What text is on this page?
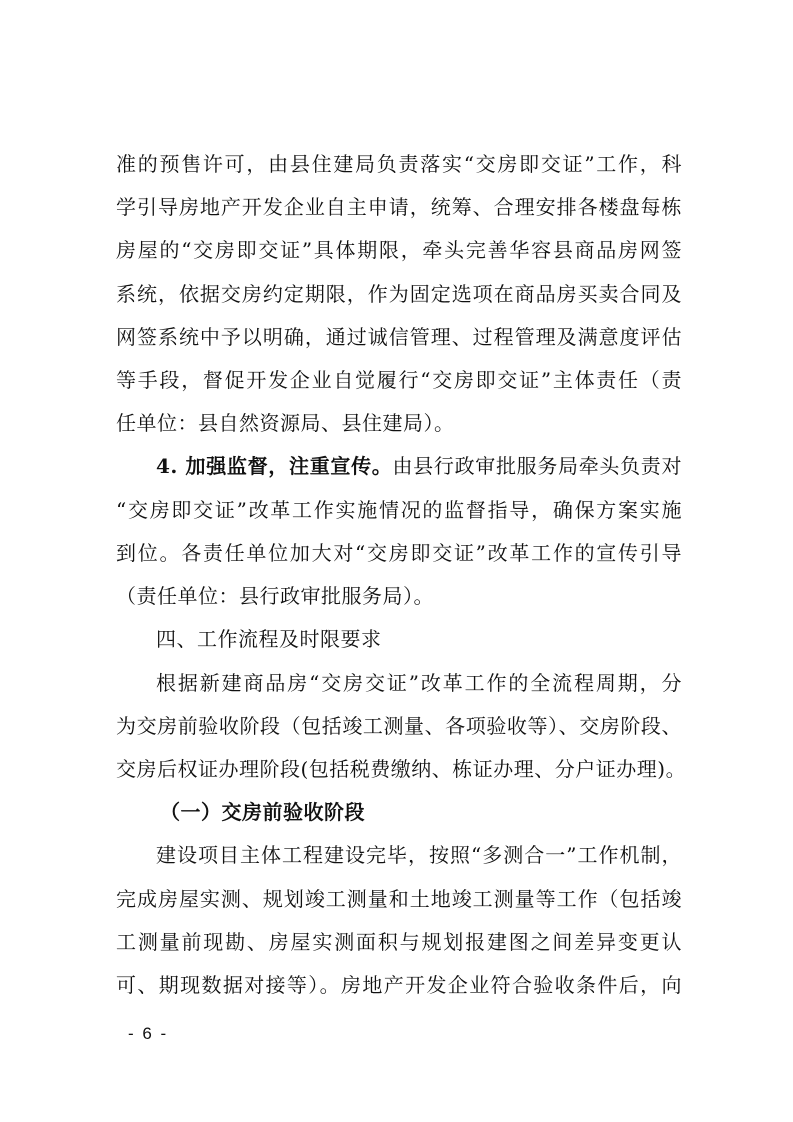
准的预售许可，由县住建局负责落实“交房即交证”工作，科
学引导房地产开发企业自主申请，统筹、合理安排各楼盘每栋
房屋的“交房即交证”具体期限，牵头完善华容县商品房网签
系统，依据交房约定期限，作为固定选项在商品房买卖合同及
网签系统中予以明确，通过诚信管理、过程管理及满意度评估
等手段，督促开发企业自觉履行“交房即交证”主体责任（责
任单位：县自然资源局、县住建局）。
4. 加强监督，注重宣传。由县行政审批服务局牵头负责对
“交房即交证”改革工作实施情况的监督指导，确保方案实施
到位。各责任单位加大对“交房即交证”改革工作的宣传引导
（责任单位：县行政审批服务局）。
四、工作流程及时限要求
根据新建商品房“交房交证”改革工作的全流程周期，分
为交房前验收阶段（包括竣工测量、各项验收等）、交房阶段、
交房后权证办理阶段(包括税费缴纳、栋证办理、分户证办理)。
（一）交房前验收阶段
建设项目主体工程建设完毕，按照“多测合一”工作机制，
完成房屋实测、规划竣工测量和土地竣工测量等工作（包括竣
工测量前现勘、房屋实测面积与规划报建图之间差异变更认
可、期现数据对接等）。房地产开发企业符合验收条件后，向
- 6 -
